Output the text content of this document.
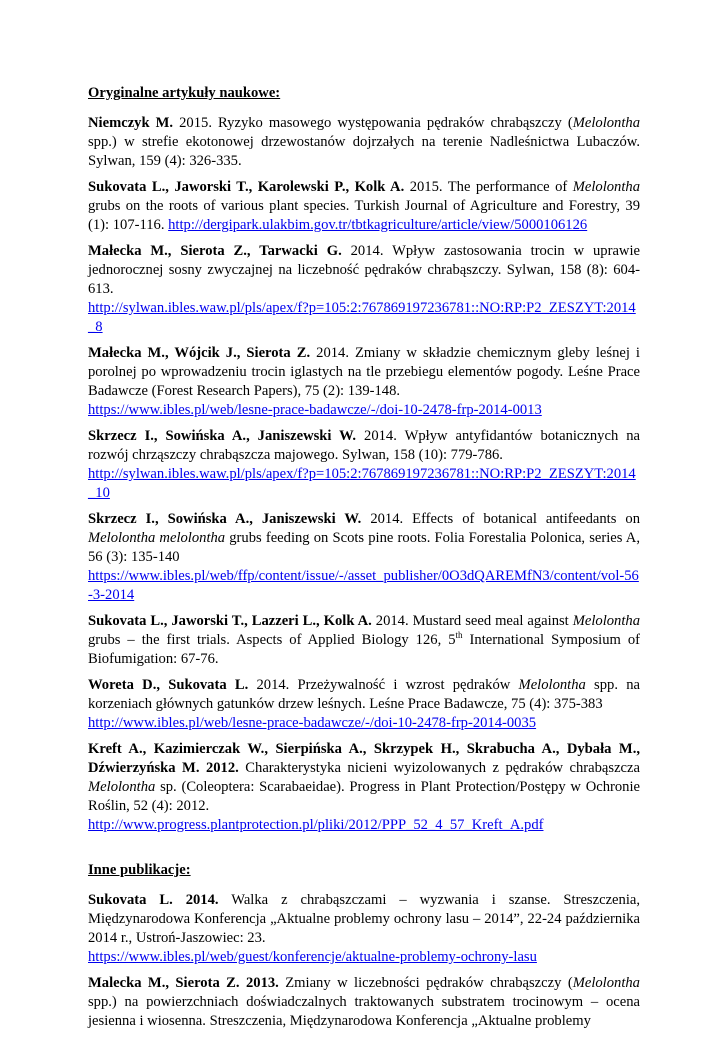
Oryginalne artykuły naukowe:
Niemczyk M. 2015. Ryzyko masowego występowania pędraków chrabąszczy (Melolontha spp.) w strefie ekotonowej drzewostanów dojrzałych na terenie Nadleśnictwa Lubaczów. Sylwan, 159 (4): 326-335.
Sukovata L., Jaworski T., Karolewski P., Kolk A. 2015. The performance of Melolontha grubs on the roots of various plant species. Turkish Journal of Agriculture and Forestry, 39 (1): 107-116. http://dergipark.ulakbim.gov.tr/tbtkagriculture/article/view/5000106126
Małecka M., Sierota Z., Tarwacki G. 2014. Wpływ zastosowania trocin w uprawie jednorocznej sosny zwyczajnej na liczebność pędraków chrabąszczy. Sylwan, 158 (8): 604-613.
http://sylwan.ibles.waw.pl/pls/apex/f?p=105:2:767869197236781::NO:RP:P2_ZESZYT:2014_8
Małecka M., Wójcik J., Sierota Z. 2014. Zmiany w składzie chemicznym gleby leśnej i porolnej po wprowadzeniu trocin iglastych na tle przebiegu elementów pogody. Leśne Prace Badawcze (Forest Research Papers), 75 (2): 139-148.
https://www.ibles.pl/web/lesne-prace-badawcze/-/doi-10-2478-frp-2014-0013
Skrzecz I., Sowińska A., Janiszewski W. 2014. Wpływ antyfidantów botanicznych na rozwój chrząszczy chrabąszcza majowego. Sylwan, 158 (10): 779-786.
http://sylwan.ibles.waw.pl/pls/apex/f?p=105:2:767869197236781::NO:RP:P2_ZESZYT:2014_10
Skrzecz I., Sowińska A., Janiszewski W. 2014. Effects of botanical antifeedants on Melolontha melolontha grubs feeding on Scots pine roots. Folia Forestalia Polonica, series A, 56 (3): 135-140
https://www.ibles.pl/web/ffp/content/issue/-/asset_publisher/0O3dQAREMfN3/content/vol-56-3-2014
Sukovata L., Jaworski T., Lazzeri L., Kolk A. 2014. Mustard seed meal against Melolontha grubs – the first trials. Aspects of Applied Biology 126, 5th International Symposium of Biofumigation: 67-76.
Woreta D., Sukovata L. 2014. Przeżywalność i wzrost pędraków Melolontha spp. na korzeniach głównych gatunków drzew leśnych. Leśne Prace Badawcze, 75 (4): 375-383
http://www.ibles.pl/web/lesne-prace-badawcze/-/doi-10-2478-frp-2014-0035
Kreft A., Kazimierczak W., Sierpińska A., Skrzypek H., Skrabucha A., Dybała M., Dźwierzyńska M. 2012. Charakterystyka nicieni wyizolowanych z pędraków chrabąszcza Melolontha sp. (Coleoptera: Scarabaeidae). Progress in Plant Protection/Postępy w Ochronie Roślin, 52 (4): 2012.
http://www.progress.plantprotection.pl/pliki/2012/PPP_52_4_57_Kreft_A.pdf
Inne publikacje:
Sukovata L. 2014. Walka z chrabąszczami – wyzwania i szanse. Streszczenia, Międzynarodowa Konferencja „Aktualne problemy ochrony lasu – 2014”, 22-24 października 2014 r., Ustroń-Jaszowiec: 23.
https://www.ibles.pl/web/guest/konferencje/aktualne-problemy-ochrony-lasu
Malecka M., Sierota Z. 2013. Zmiany w liczebności pędraków chrabąszczy (Melolontha spp.) na powierzchniach doświadczalnych traktowanych substratem trocinowym – ocena jesienna i wiosenna. Streszczenia, Międzynarodowa Konferencja „Aktualne problemy
